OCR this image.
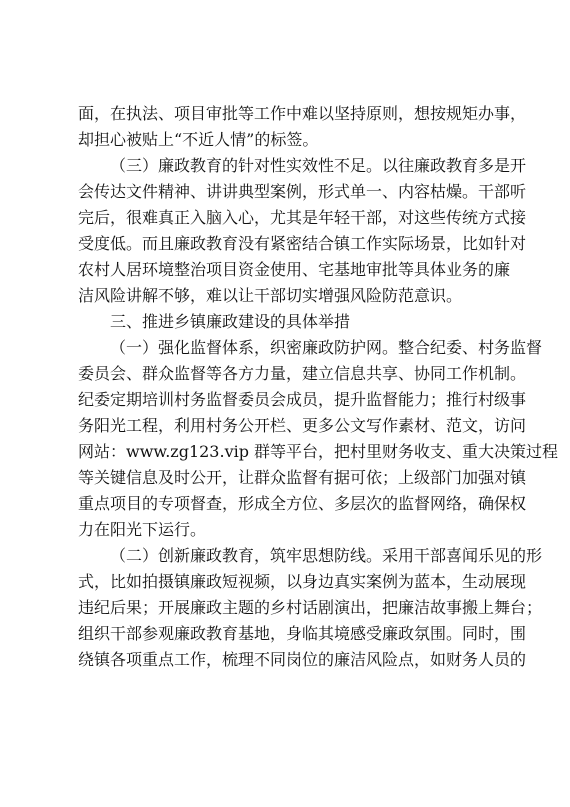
面，在执法、项目审批等工作中难以坚持原则，想按规矩办事，
却担心被贴上“不近人情”的标签。

（三）廉政教育的针对性实效性不足。以往廉政教育多是开
会传达文件精神、讲讲典型案例，形式单一、内容枯燥。干部听
完后，很难真正入脑入心，尤其是年轻干部，对这些传统方式接
受度低。而且廉政教育没有紧密结合镇工作实际场景，比如针对
农村人居环境整治项目资金使用、宅基地审批等具体业务的廉
洁风险讲解不够，难以让干部切实增强风险防范意识。

三、推进乡镇廉政建设的具体举措

（一）强化监督体系，织密廉政防护网。整合纪委、村务监督
委员会、群众监督等各方力量，建立信息共享、协同工作机制。
纪委定期培训村务监督委员会成员，提升监督能力；推行村级事
务阳光工程，利用村务公开栏、更多公文写作素材、范文，访问
网站：www.zg123.vip 群等平台，把村里财务收支、重大决策过程
等关键信息及时公开，让群众监督有据可依；上级部门加强对镇
重点项目的专项督查，形成全方位、多层次的监督网络，确保权
力在阳光下运行。

（二）创新廉政教育，筑牢思想防线。采用干部喜闻乐见的形
式，比如拍摄镇廉政短视频，以身边真实案例为蓝本，生动展现
违纪后果；开展廉政主题的乡村话剧演出，把廉洁故事搬上舞台；
组织干部参观廉政教育基地，身临其境感受廉政氛围。同时，围
绕镇各项重点工作，梳理不同岗位的廉洁风险点，如财务人员的
